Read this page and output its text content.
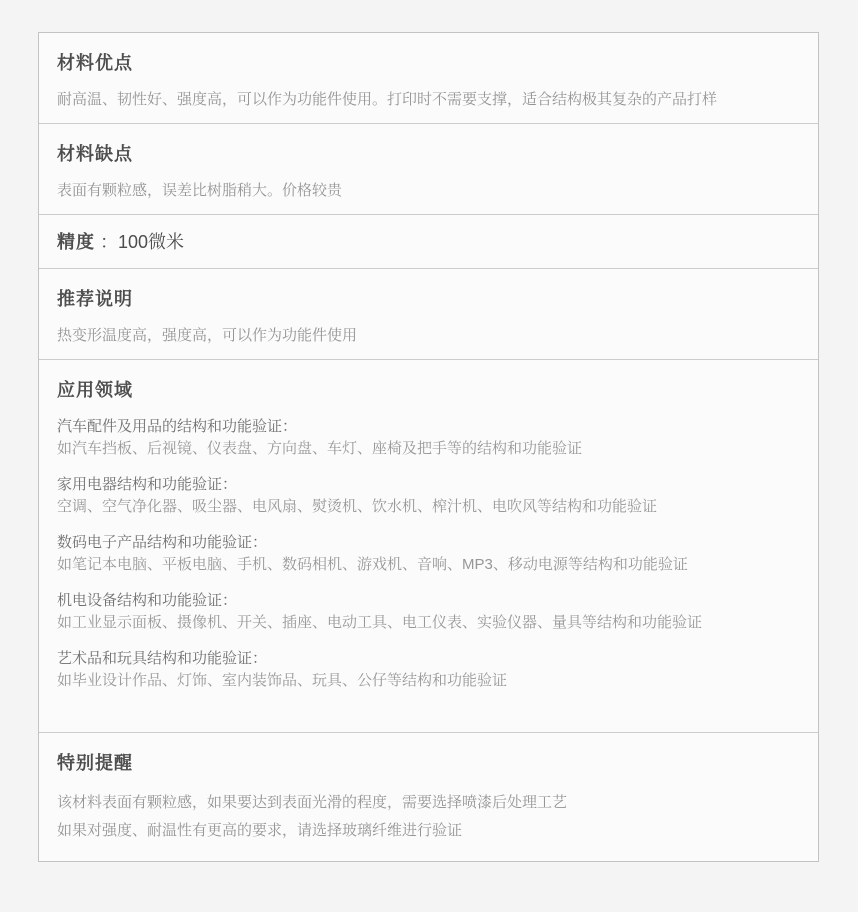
材料优点

耐高温、韧性好、强度高，可以作为功能件使用。打印时不需要支撑，适合结构极其复杂的产品打样

材料缺点

表面有颗粒感，误差比树脂稍大。价格较贵

精度 ：100微米
推荐说明

热变形温度高，强度高，可以作为功能件使用

应用领域

汽车配件及用品的结构和功能验证：

如汽车挡板、后视镜、仪表盘、方向盘、车灯、座椅及把手等的结构和功能验证

家用电器结构和功能验证：

空调、空气净化器、吸尘器、电风扇、熨烫机、饮水机、榨汁机、电吹风等结构和功能验证

数码电子产品结构和功能验证：

如笔记本电脑、平板电脑、手机、数码相机、游戏机、音响、MP3、移动电源等结构和功能验证

机电设备结构和功能验证：

如工业显示面板、摄像机、开关、插座、电动工具、电工仪表、实验仪器、量具等结构和功能验证

艺术品和玩具结构和功能验证：

如毕业设计作品、灯饰、室内装饰品、玩具、公仔等结构和功能验证

特别提醒

该材料表面有颗粒感，如果要达到表面光滑的程度，需要选择喷漆后处理工艺

如果对强度、耐温性有更高的要求，请选择玻璃纤维进行验证
